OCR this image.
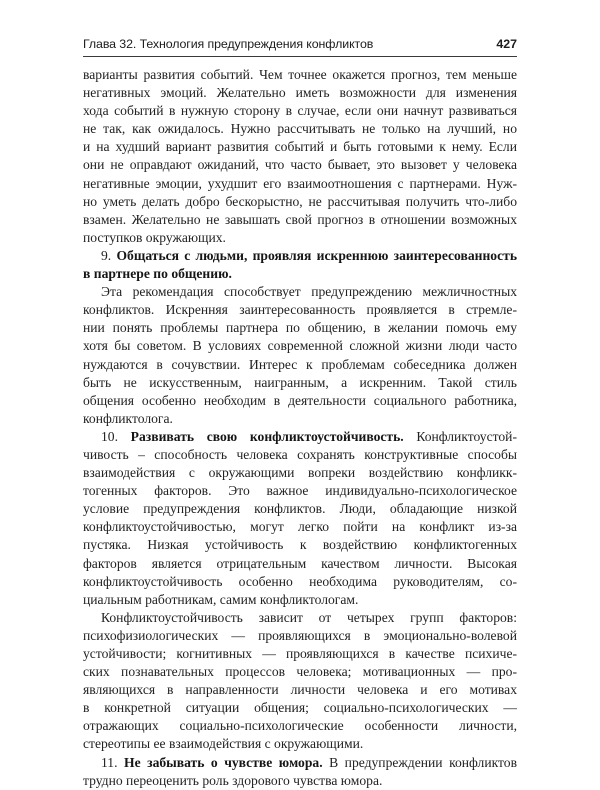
Глава 32. Технология предупреждения конфликтов	427
варианты развития событий. Чем точнее окажется прогноз, тем меньше
негативных эмоций. Желательно иметь возможности для изменения
хода событий в нужную сторону в случае, если они начнут развиваться
не так, как ожидалось. Нужно рассчитывать не только на лучший, но
и на худший вариант развития событий и быть готовыми к нему. Если
они не оправдают ожиданий, что часто бывает, это вызовет у человека
негативные эмоции, ухудшит его взаимоотношения с партнерами. Нуж-
но уметь делать добро бескорыстно, не рассчитывая получить что-либо
взамен. Желательно не завышать свой прогноз в отношении возможных
поступков окружающих.
9. Общаться с людьми, проявляя искреннюю заинтересованность
в партнере по общению.
Эта рекомендация способствует предупреждению межличностных
конфликтов. Искренняя заинтересованность проявляется в стремле-
нии понять проблемы партнера по общению, в желании помочь ему
хотя бы советом. В условиях современной сложной жизни люди часто
нуждаются в сочувствии. Интерес к проблемам собеседника должен
быть не искусственным, наигранным, а искренним. Такой стиль
общения особенно необходим в деятельности социального работника,
конфликтолога.
10. Развивать свою конфликтоустойчивость. Конфликтоустой-
чивость – способность человека сохранять конструктивные способы
взаимодействия с окружающими вопреки воздействию конфликк-
тогенных факторов. Это важное индивидуально-психологическое
условие предупреждения конфликтов. Люди, обладающие низкой
конфликтоустойчивостью, могут легко пойти на конфликт из-за
пустяка. Низкая устойчивость к воздействию конфликтогенных
факторов является отрицательным качеством личности. Высокая
конфликтоустойчивость особенно необходима руководителям, со-
циальным работникам, самим конфликтологам.
Конфликтоустойчивость зависит от четырех групп факторов:
психофизиологических — проявляющихся в эмоционально-волевой
устойчивости; когнитивных — проявляющихся в качестве психиче-
ских познавательных процессов человека; мотивационных — про-
являющихся в направленности личности человека и его мотивах
в конкретной ситуации общения; социально-психологических —
отражающих социально-психологические особенности личности,
стереотипы ее взаимодействия с окружающими.
11. Не забывать о чувстве юмора. В предупреждении конфликтов
трудно переоценить роль здорового чувства юмора.
